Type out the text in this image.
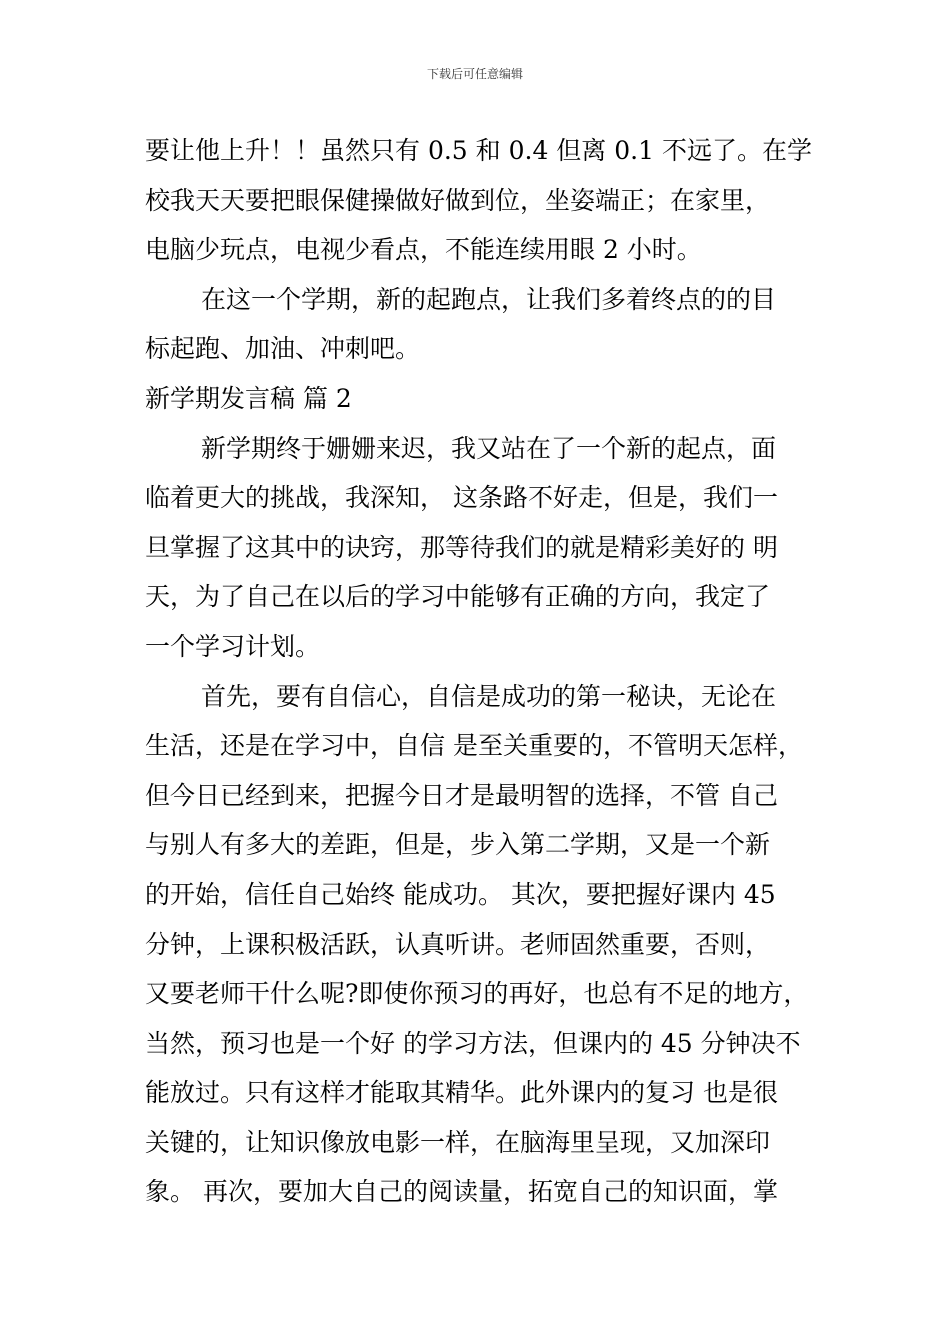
下载后可任意编辑
要让他上升！！虽然只有 0.5 和 0.4 但离 0.1 不远了。在学
校我天天要把眼保健操做好做到位，坐姿端正；在家里，
电脑少玩点，电视少看点，不能连续用眼 2 小时。
在这一个学期，新的起跑点，让我们多着终点的的目
标起跑、加油、冲刺吧。
新学期发言稿 篇 2
新学期终于姗姗来迟，我又站在了一个新的起点，面
临着更大的挑战，我深知， 这条路不好走，但是，我们一
旦掌握了这其中的诀窍，那等待我们的就是精彩美好的 明
天，为了自己在以后的学习中能够有正确的方向，我定了
一个学习计划。
首先，要有自信心，自信是成功的第一秘诀，无论在
生活，还是在学习中，自信 是至关重要的，不管明天怎样，
但今日已经到来，把握今日才是最明智的选择，不管 自己
与别人有多大的差距，但是，步入第二学期，又是一个新
的开始，信任自己始终 能成功。 其次，要把握好课内 45
分钟，上课积极活跃，认真听讲。老师固然重要，否则，
又要老师干什么呢?即使你预习的再好，也总有不足的地方，
当然，预习也是一个好 的学习方法，但课内的 45 分钟决不
能放过。只有这样才能取其精华。此外课内的复习 也是很
关键的，让知识像放电影一样，在脑海里呈现，又加深印
象。 再次，要加大自己的阅读量，拓宽自己的知识面，掌
